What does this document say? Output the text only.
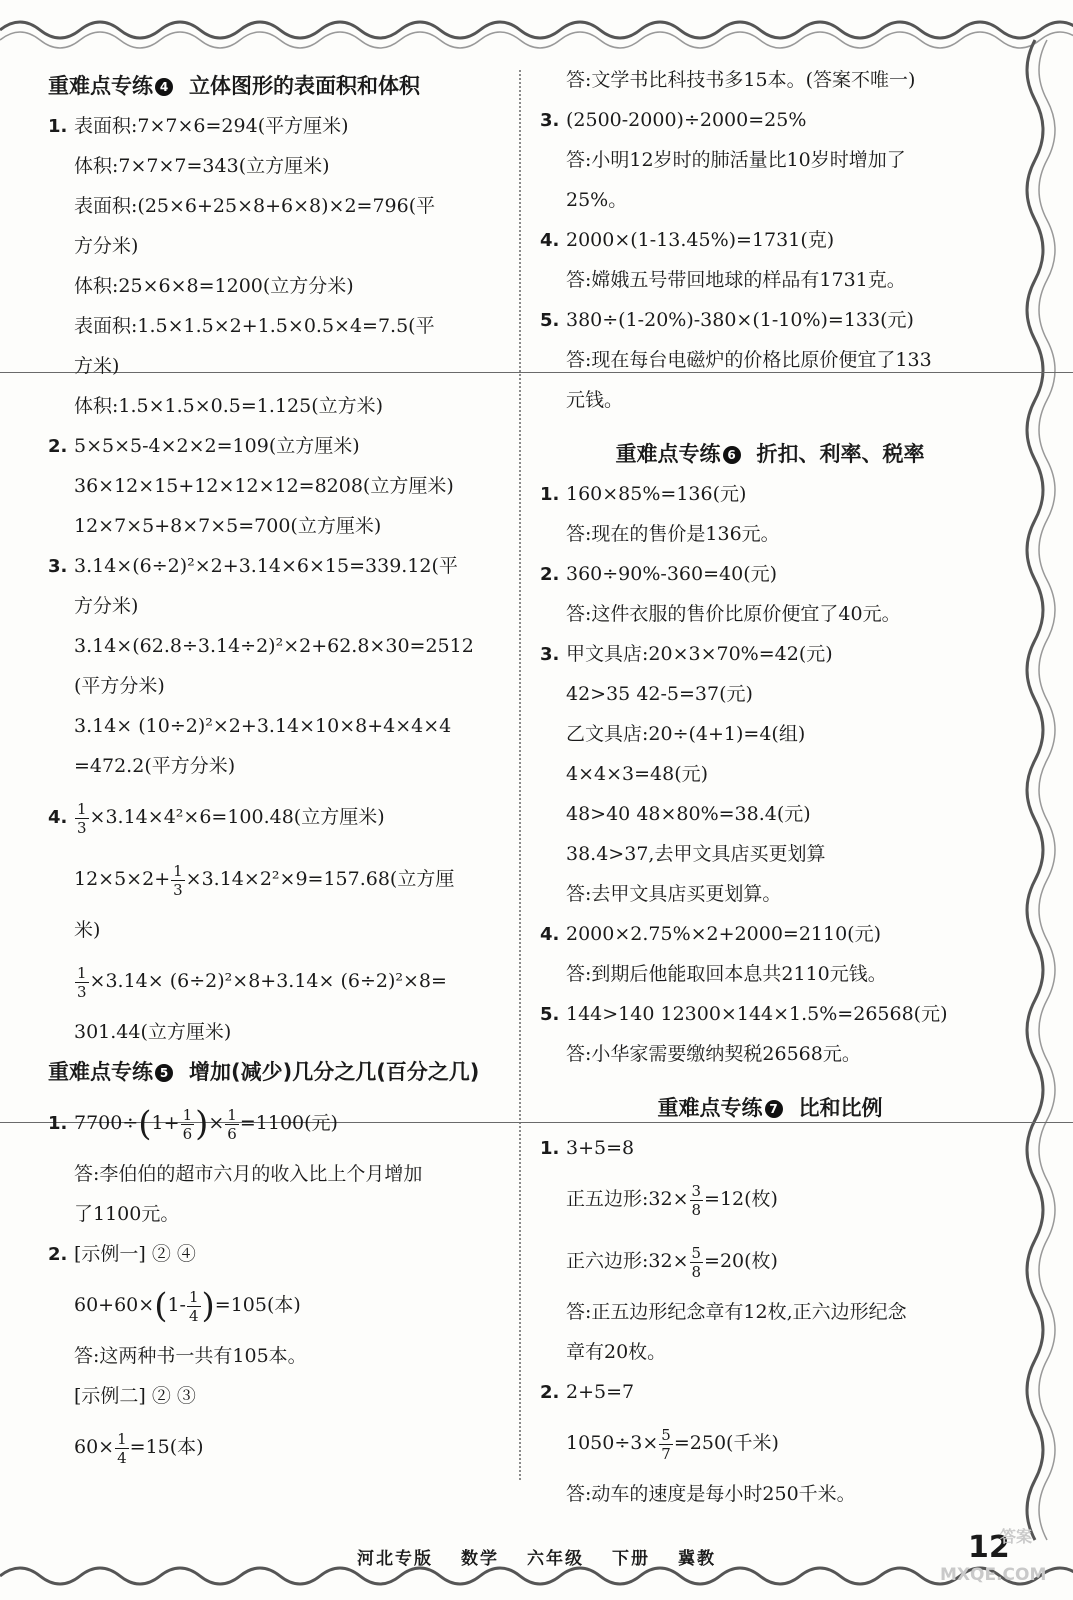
重难点专练 4 立体图形的表面积和体积
1. 表面积:7×7×6=294(平方厘米)
体积:7×7×7=343(立方厘米)
表面积:(25×6+25×8+6×8)×2=796(平
方分米)
体积:25×6×8=1200(立方分米)
表面积:1.5×1.5×2+1.5×0.5×4=7.5(平
方米)
体积:1.5×1.5×0.5=1.125(立方米)
2. 5×5×5-4×2×2=109(立方厘米)
36×12×15+12×12×12=8208(立方厘米)
12×7×5+8×7×5=700(立方厘米)
3. 3.14×(6÷2)²×2+3.14×6×15=339.12(平
方分米)
3.14×(62.8÷3.14÷2)²×2+62.8×30=2512
(平方分米)
3.14× (10÷2)²×2+3.14×10×8+4×4×4
=472.2(平方分米)
4. $\frac{1}{3} \times 3.14\times 4^2\times 6=100.48$(立方厘米)
$12\times 5\times 2+ \frac{1}{3} \times 3.14\times 2^2\times 9=157.68$(立方厘
米)
$\frac{1}{3} \times 3.14\times (6\div 2)^2\times 8+3.14\times (6\div 2)^2\times 8=$
301.44(立方厘米)
重难点专练 5 增加(减少)几分之几(百分之几)
1. $7700\div(1+ \frac{1}{6}$ )× $\frac{1}{6} =1100$(元)
答:李伯伯的超市六月的收入比上个月增加
了1100元。
2. [示例一] ② ④
$60+60\times(1- \frac{1}{4} )=105$(本)
答:这两种书一共有105本。
[示例二] ② ③
$60\times \frac{1}{4} =15$(本)
答:文学书比科技书多15本。(答案不唯一)
3. (2500-2000)÷2000=25%
答:小明12岁时的肺活量比10岁时增加了
25%。
4. 2000×(1-13.45%)=1731(克)
答:嫦娥五号带回地球的样品有1731克。
5. 380÷(1-20%)-380×(1-10%)=133(元)
答:现在每台电磁炉的价格比原价便宜了133
元钱。
重难点专练 6 折扣、利率、税率
1. 160×85%=136(元)
答:现在的售价是136元。
2. 360÷90%-360=40(元)
答:这件衣服的售价比原价便宜了40元。
3. 甲文具店:20×3×70%=42(元)
42>35 42-5=37(元)
乙文具店:20÷(4+1)=4(组)
4×4×3=48(元)
48>40 48×80%=38.4(元)
38.4>37,去甲文具店买更划算
答:去甲文具店买更划算。
4. 2000×2.75%×2+2000=2110(元)
答:到期后他能取回本息共2110元钱。
5. 144>140 12300×144×1.5%=26568(元)
答:小华家需要缴纳契税26568元。
重难点专练 7 比和比例
1. 3+5=8
正五边形:32× $\frac{3}{8} =12$(枚)
正六边形:32× $\frac{5}{8} =20$(枚)
答:正五边形纪念章有12枚,正六边形纪念
章有20枚。
2. 2+5=7
$1050\div 3\times \frac{5}{7} =250$(千米)
答:动车的速度是每小时250千米。
河北专版 数学 六年级 下册 冀教	12
答案
MXQE.COM
